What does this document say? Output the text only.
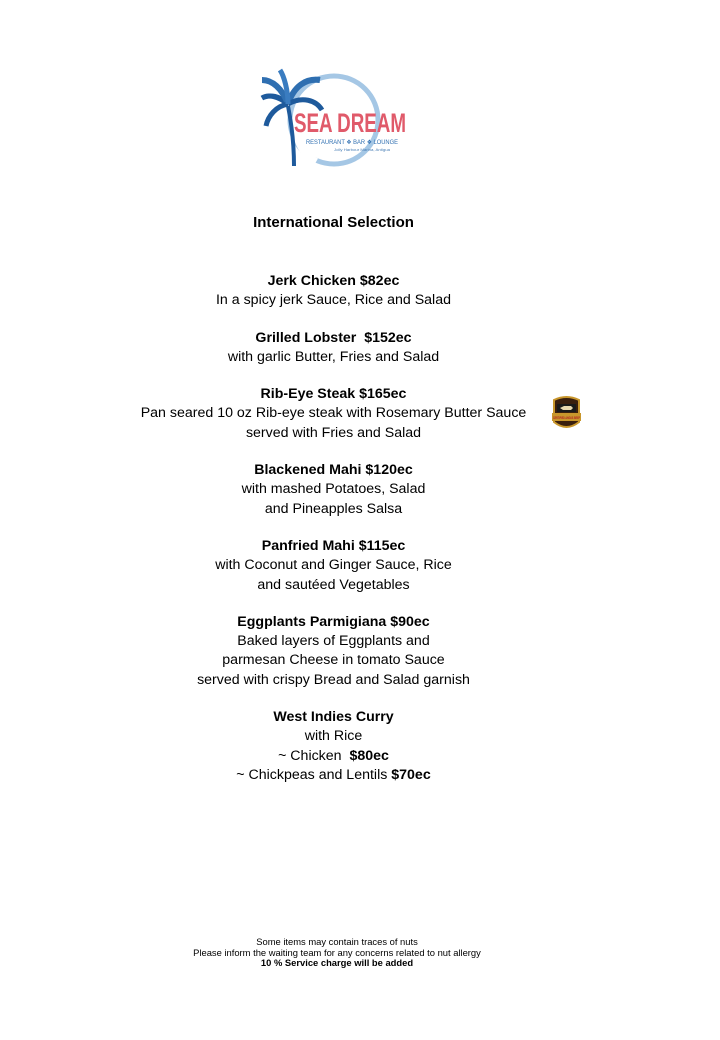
SEA DREAM
RESTAURANT ❖ BAR ❖ LOUNGE
Jolly Harbour Marina, Antigua
International Selection
Jerk Chicken $82ec
In a spicy jerk Sauce, Rice and Salad
Grilled Lobster  $152ec
with garlic Butter, Fries and Salad
Rib-Eye Steak $165ec
Pan seared 10 oz Rib-eye steak with Rosemary Butter Sauce
served with Fries and Salad
Blackened Mahi $120ec
with mashed Potatoes, Salad
and Pineapples Salsa
Panfried Mahi $115ec
with Coconut and Ginger Sauce, Rice
and sautéed Vegetables
Eggplants Parmigiana $90ec
Baked layers of Eggplants and
parmesan Cheese in tomato Sauce
served with crispy Bread and Salad garnish
West Indies Curry
with Rice
~ Chicken  $80ec
~ Chickpeas and Lentils $70ec
CERTIFIED ANGUS BEEF
Some items may contain traces of nuts
Please inform the waiting team for any concerns related to nut allergy
10 % Service charge will be added
